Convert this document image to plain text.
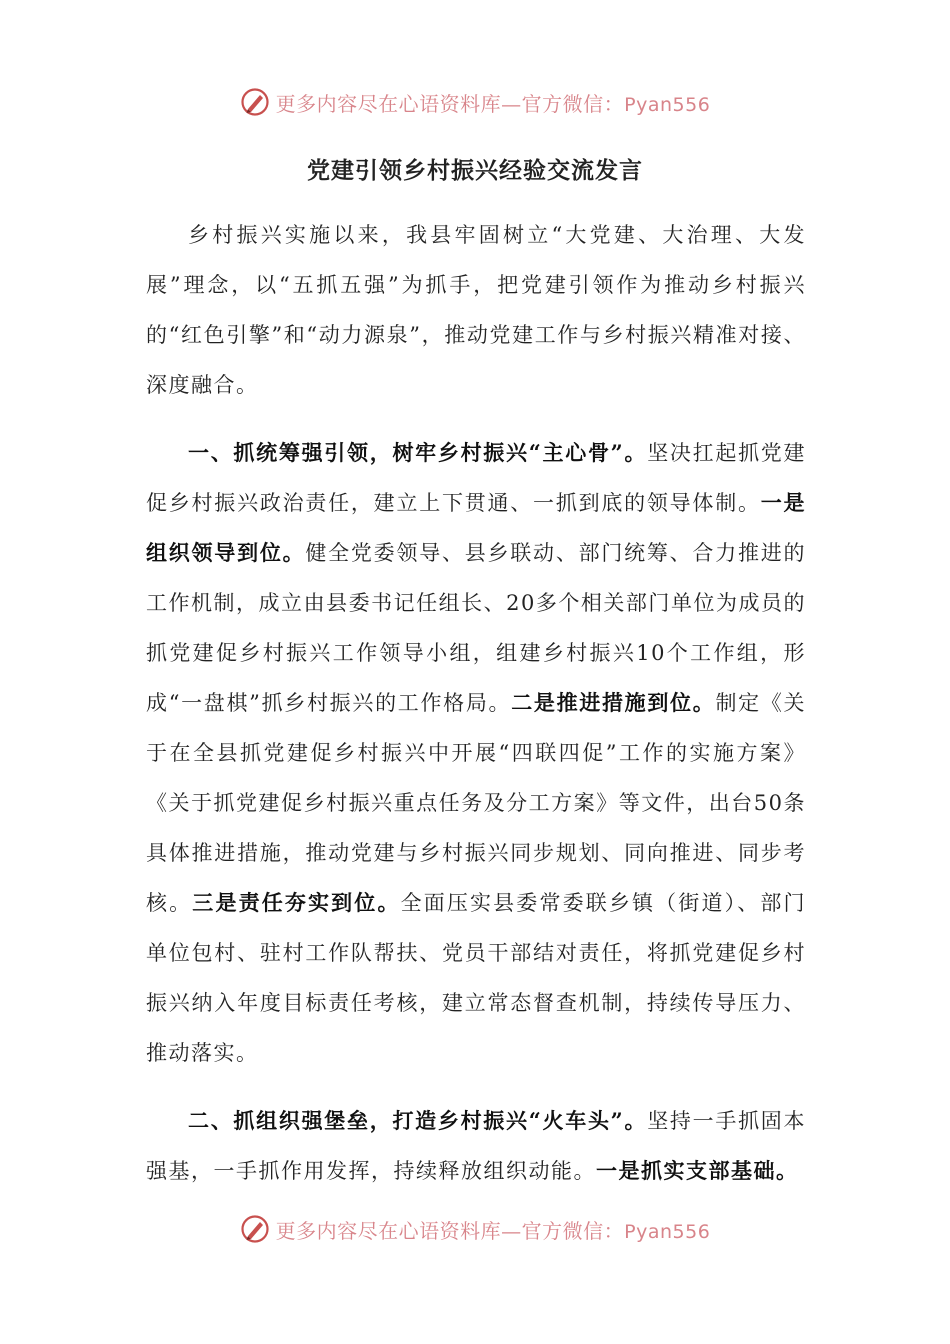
更多内容尽在心语资料库—官方微信：Pyan556
党建引领乡村振兴经验交流发言

乡村振兴实施以来，我县牢固树立“大党建、大治理、大发展”理念，以“五抓五强”为抓手，把党建引领作为推动乡村振兴的“红色引擎”和“动力源泉”，推动党建工作与乡村振兴精准对接、深度融合。

一、抓统筹强引领，树牢乡村振兴“主心骨”。坚决扛起抓党建促乡村振兴政治责任，建立上下贯通、一抓到底的领导体制。一是组织领导到位。健全党委领导、县乡联动、部门统筹、合力推进的工作机制，成立由县委书记任组长、20多个相关部门单位为成员的抓党建促乡村振兴工作领导小组，组建乡村振兴10个工作组，形成“一盘棋”抓乡村振兴的工作格局。二是推进措施到位。制定《关于在全县抓党建促乡村振兴中开展“四联四促”工作的实施方案》《关于抓党建促乡村振兴重点任务及分工方案》等文件，出台50条具体推进措施，推动党建与乡村振兴同步规划、同向推进、同步考核。三是责任夯实到位。全面压实县委常委联乡镇（街道）、部门单位包村、驻村工作队帮扶、党员干部结对责任，将抓党建促乡村振兴纳入年度目标责任考核，建立常态督查机制，持续传导压力、推动落实。

二、抓组织强堡垒，打造乡村振兴“火车头”。坚持一手抓固本强基，一手抓作用发挥，持续释放组织动能。一是抓实支部基础。

更多内容尽在心语资料库—官方微信：Pyan556
